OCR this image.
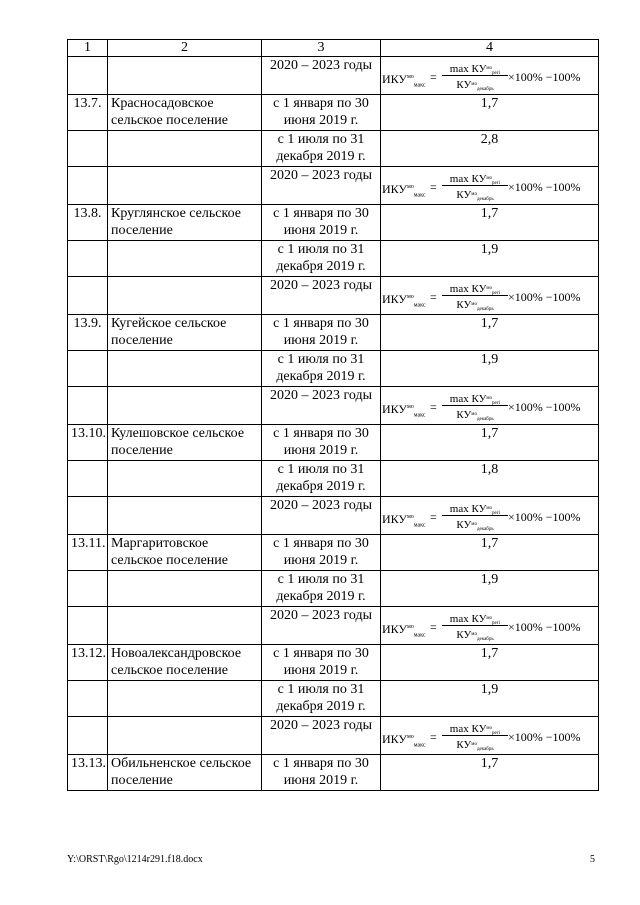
1	2	3	4
		2020 – 2023 годы	$ИКУ^{мо}_{макс}$
=
$\max КУ^{мо}_{регi}$
$КУ^{мо}_{декабрь}$
×100% −100%

13.7.	Красносадовское сельское поселение	с 1 января по 30 июня 2019 г.	1,7
		с 1 июля по 31 декабря 2019 г.	2,8
		2020 – 2023 годы	$ИКУ^{мо}_{макс}$
=
$\max КУ^{мо}_{регi}$
$КУ^{мо}_{декабрь}$
×100% −100%

13.8.	Круглянское сельское поселение	с 1 января по 30 июня 2019 г.	1,7
		с 1 июля по 31 декабря 2019 г.	1,9
		2020 – 2023 годы	$ИКУ^{мо}_{макс}$
=
$\max КУ^{мо}_{регi}$
$КУ^{мо}_{декабрь}$
×100% −100%

13.9.	Кугейское сельское поселение	с 1 января по 30 июня 2019 г.	1,7
		с 1 июля по 31 декабря 2019 г.	1,9
		2020 – 2023 годы	$ИКУ^{мо}_{макс}$
=
$\max КУ^{мо}_{регi}$
$КУ^{мо}_{декабрь}$
×100% −100%

13.10.	Кулешовское сельское поселение	с 1 января по 30 июня 2019 г.	1,7
		с 1 июля по 31 декабря 2019 г.	1,8
		2020 – 2023 годы	$ИКУ^{мо}_{макс}$
=
$\max КУ^{мо}_{регi}$
$КУ^{мо}_{декабрь}$
×100% −100%

13.11.	Маргаритовское сельское поселение	с 1 января по 30 июня 2019 г.	1,7
		с 1 июля по 31 декабря 2019 г.	1,9
		2020 – 2023 годы	$ИКУ^{мо}_{макс}$
=
$\max КУ^{мо}_{регi}$
$КУ^{мо}_{декабрь}$
×100% −100%

13.12.	Новоалександровское сельское поселение	с 1 января по 30 июня 2019 г.	1,7
		с 1 июля по 31 декабря 2019 г.	1,9
		2020 – 2023 годы	$ИКУ^{мо}_{макс}$
=
$\max КУ^{мо}_{регi}$
$КУ^{мо}_{декабрь}$
×100% −100%

13.13.	Обильненское сельское поселение	с 1 января по 30 июня 2019 г.	1,7
Y:\ORST\Rgo\1214r291.f18.docx	5
